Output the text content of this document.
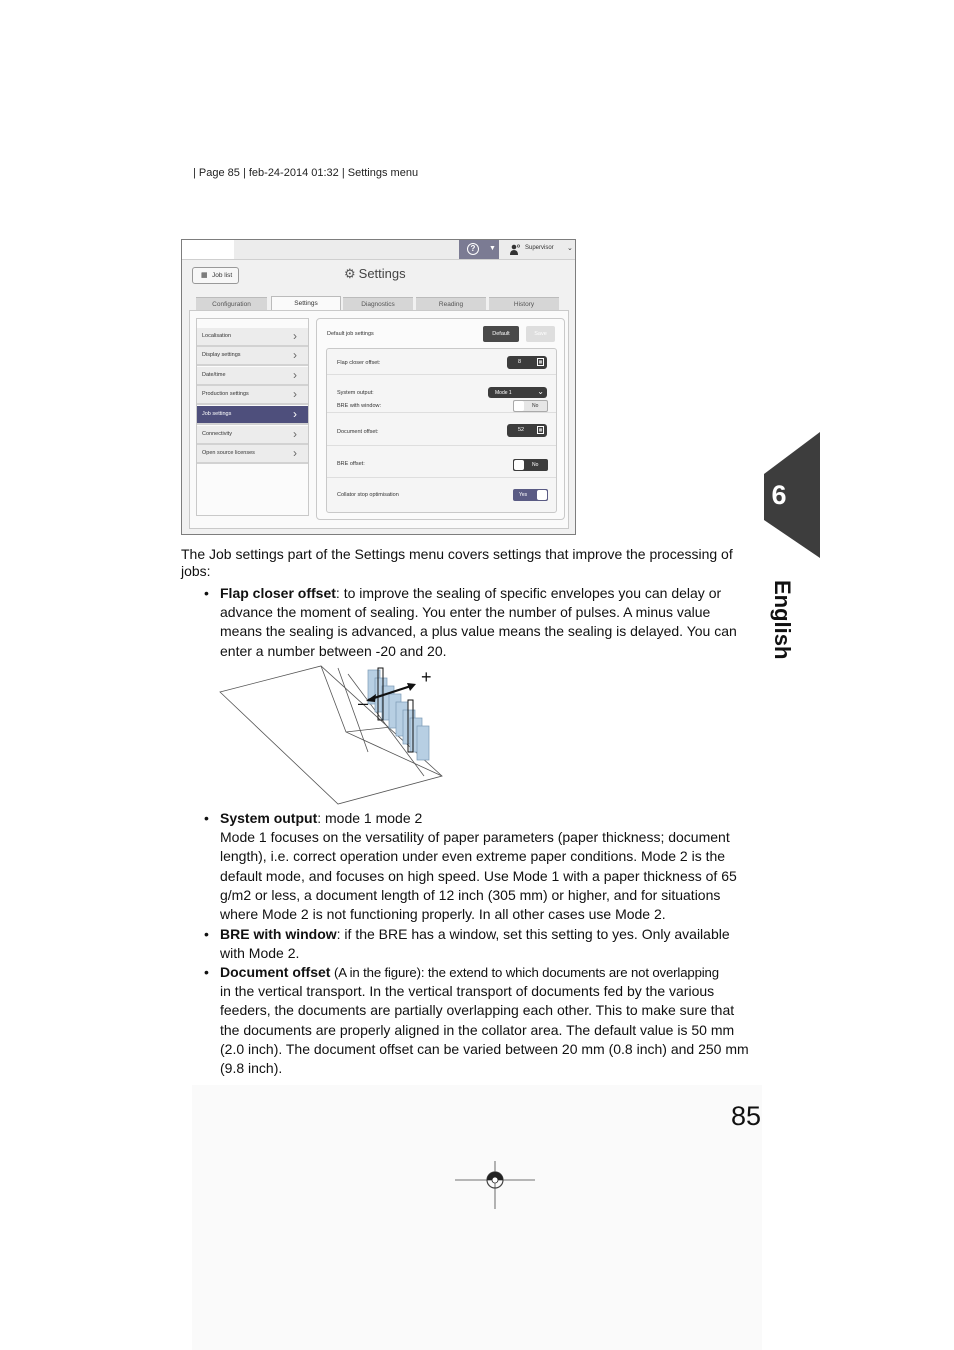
| Page 85 | feb-24-2014 01:32 | Settings menu
?	▼	Supervisor ⌄
▦ Job list	⚙ Settings
Configuration	Settings	Diagnostics	Reading	History
Localisation	›
Display settings	›
Date/time	›
Production settings	›
Job settings	›
Connectivity	›
Open source licenses	›
Default job settings	Default	Save
Flap closer offset:	8	▦
System output:	Mode 1	⌄
BRE with window:	No
Document offset:	52	▦
BRE offset:	No
Collator stop optimisation	Yes
The Job settings part of the Settings menu covers settings that improve the processing of jobs:
• Flap closer offset: to improve the sealing of specific envelopes you can delay or advance the moment of sealing. You enter the number of pulses. A minus value means the sealing is advanced, a plus value means the sealing is delayed. You can enter a number between -20 and 20.
+
–
• System output: mode 1 mode 2
Mode 1 focuses on the versatility of paper parameters (paper thickness; document length), i.e. correct operation under even extreme paper conditions. Mode 2 is the default mode, and focuses on high speed. Use Mode 1 with a paper thickness of 65 g/m2 or less, a document length of 12 inch (305 mm) or higher, and for situations where Mode 2 is not functioning properly. In all other cases use Mode 2.
• BRE with window: if the BRE has a window, set this setting to yes. Only available with Mode 2.
• Document offset (A in the figure): the extend to which documents are not overlapping
in the vertical transport. In the vertical transport of documents fed by the various feeders, the documents are partially overlapping each other. This to make sure that the documents are properly aligned in the collator area. The default value is 50 mm (2.0 inch). The document offset can be varied between 20 mm (0.8 inch) and 250 mm (9.8 inch).
6
English
85
